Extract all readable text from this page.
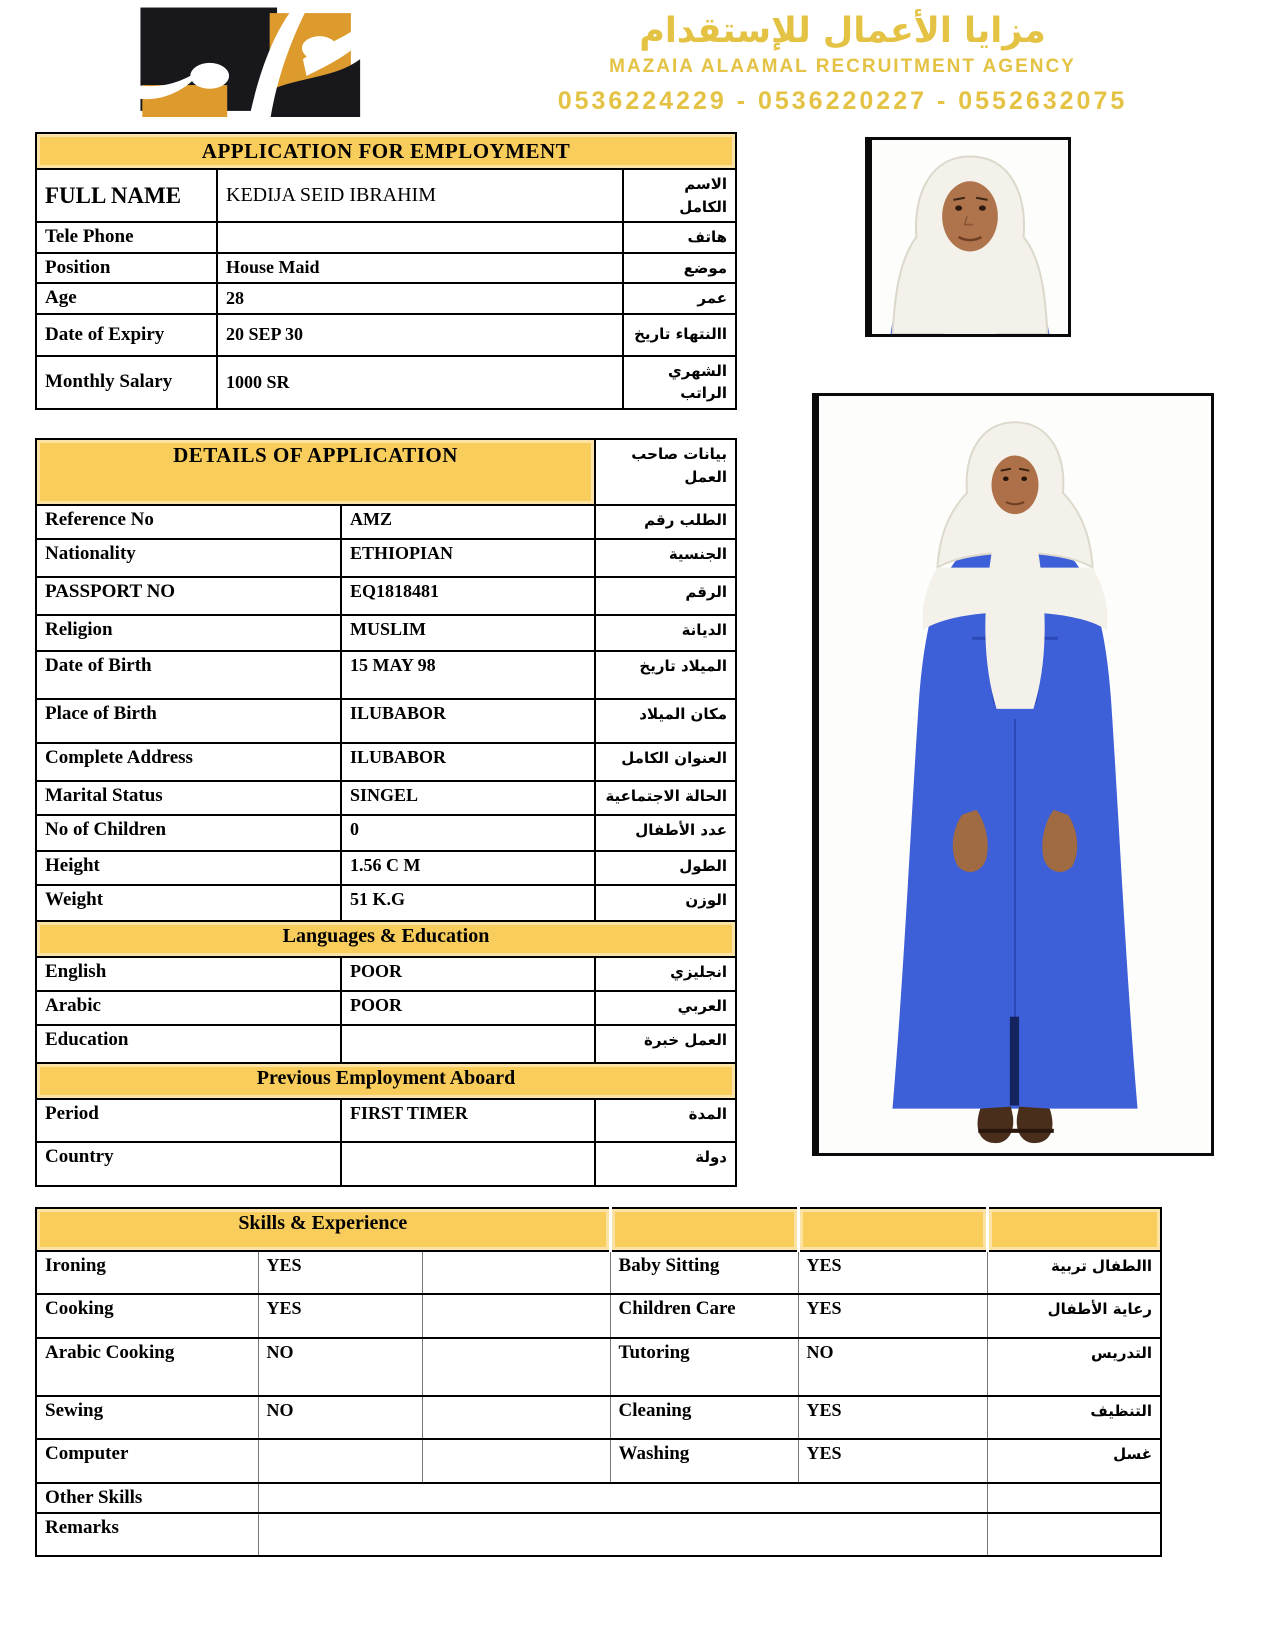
مزايا الأعمال للإستقدام
MAZAIA ALAAMAL RECRUITMENT AGENCY
0536224229 - 0536220227 - 0552632075
APPLICATION FOR EMPLOYMENT		
FULL NAME	KEDIJA SEID IBRAHIM	الاسم الكامل
Tele Phone		هاتف
Position	House Maid	موضع
Age	28	عمر
Date of Expiry	20 SEP 30	االنتهاء تاريخ
Monthly Salary	1000 SR	الشهري الراتب
DETAILS OF APPLICATION		بيانات صاحب العمل
Reference No	AMZ	الطلب رقم
Nationality	ETHIOPIAN	الجنسية
PASSPORT NO	EQ1818481	الرقم
Religion	MUSLIM	الديانة
Date of Birth	15 MAY 98	الميلاد تاريخ
Place of Birth	ILUBABOR	مكان الميلاد
Complete Address	ILUBABOR	العنوان الكامل
Marital Status	SINGEL	الحالة الاجتماعية
No of Children	0	عدد الأطفال
Height	1.56 C M	الطول
Weight	51 K.G	الوزن
Languages & Education		
English	POOR	انجليزي
Arabic	POOR	العربي
Education		العمل خبرة
Previous Employment Aboard		
Period	FIRST TIMER	المدة
Country		دولة
Skills & Experience					
Ironing	YES		Baby Sitting	YES	االطفال تربية
Cooking	YES		Children Care	YES	رعاية الأطفال
Arabic Cooking	NO		Tutoring	NO	التدريس
Sewing	NO		Cleaning	YES	التنظيف
Computer			Washing	YES	غسل
Other Skills					
Remarks					
